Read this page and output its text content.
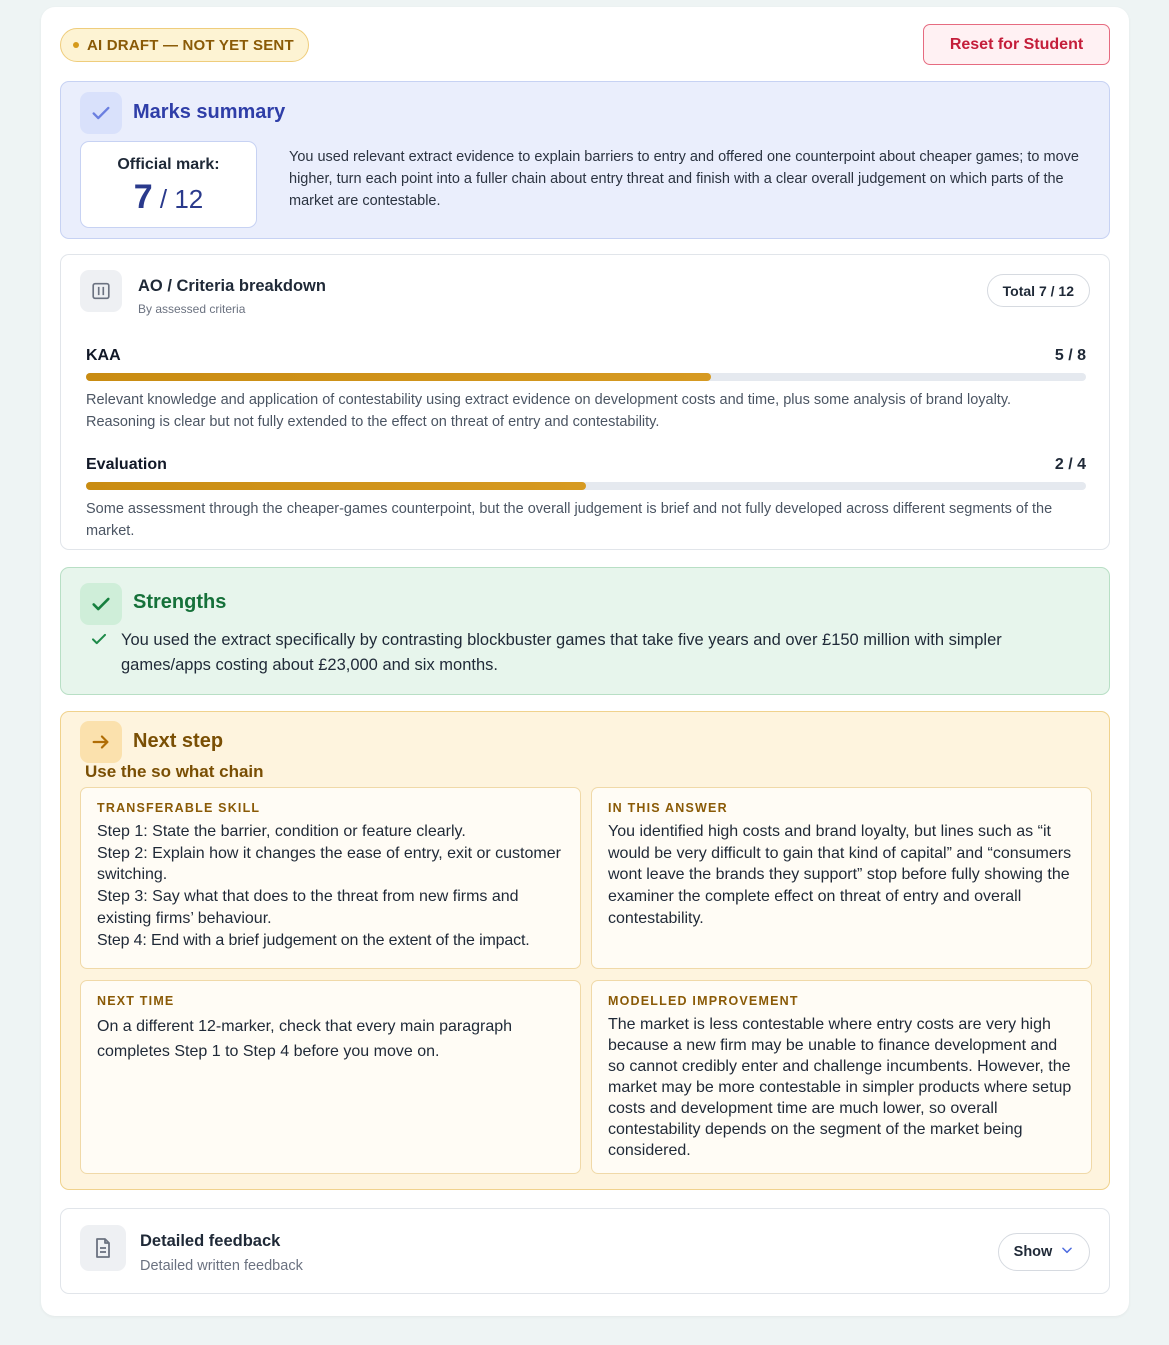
AI DRAFT — NOT YET SENT	Reset for Student
Marks summary
Official mark:
7 / 12
You used relevant extract evidence to explain barriers to entry and offered one counterpoint about cheaper games; to move higher, turn each point into a fuller chain about entry threat and finish with a clear overall judgement on which parts of the market are contestable.
AO / Criteria breakdown
By assessed criteria
Total 7 / 12
KAA	5 / 8
Relevant knowledge and application of contestability using extract evidence on development costs and time, plus some analysis of brand loyalty. Reasoning is clear but not fully extended to the effect on threat of entry and contestability.
Evaluation	2 / 4
Some assessment through the cheaper-games counterpoint, but the overall judgement is brief and not fully developed across different segments of the market.
Strengths
You used the extract specifically by contrasting blockbuster games that take five years and over £150 million with simpler games/apps costing about £23,000 and six months.
Next step
Use the so what chain
TRANSFERABLE SKILL
Step 1: State the barrier, condition or feature clearly.
Step 2: Explain how it changes the ease of entry, exit or customer switching.
Step 3: Say what that does to the threat from new firms and existing firms’ behaviour.
Step 4: End with a brief judgement on the extent of the impact.
IN THIS ANSWER
You identified high costs and brand loyalty, but lines such as “it would be very difficult to gain that kind of capital” and “consumers wont leave the brands they support” stop before fully showing the examiner the complete effect on threat of entry and overall contestability.
NEXT TIME
On a different 12-marker, check that every main paragraph completes Step 1 to Step 4 before you move on.
MODELLED IMPROVEMENT
The market is less contestable where entry costs are very high because a new firm may be unable to finance development and so cannot credibly enter and challenge incumbents. However, the market may be more contestable in simpler products where setup costs and development time are much lower, so overall contestability depends on the segment of the market being considered.
Detailed feedback
Detailed written feedback
Show
